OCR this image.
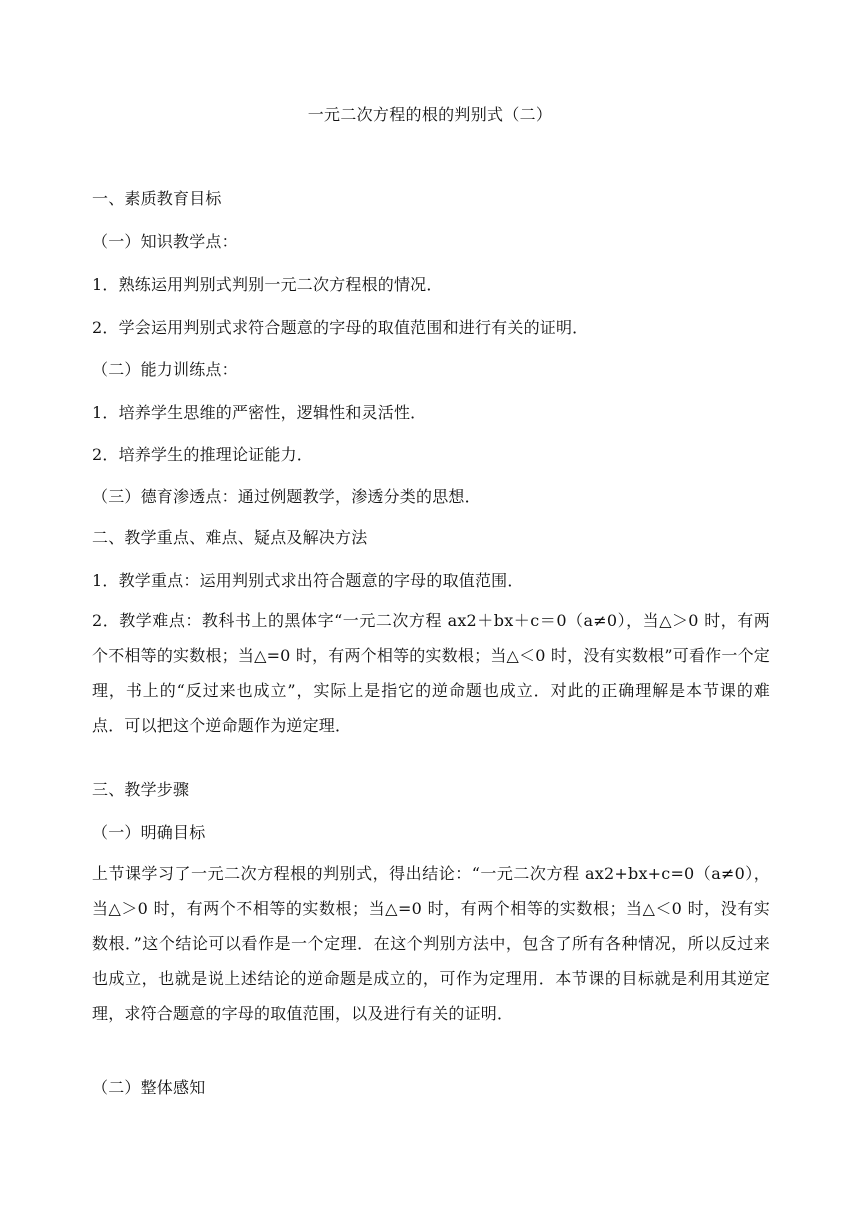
一元二次方程的根的判别式（二）
一、素质教育目标
（一）知识教学点：
1．熟练运用判别式判别一元二次方程根的情况．
2．学会运用判别式求符合题意的字母的取值范围和进行有关的证明．
（二）能力训练点：
1．培养学生思维的严密性，逻辑性和灵活性．
2．培养学生的推理论证能力．
（三）德育渗透点：通过例题教学，渗透分类的思想．
二、教学重点、难点、疑点及解决方法
1．教学重点：运用判别式求出符合题意的字母的取值范围．
2．教学难点：教科书上的黑体字“一元二次方程 ax2＋bx＋c＝0（a≠0），当△＞0 时，有两个不相等的实数根；当△=0 时，有两个相等的实数根；当△＜0 时，没有实数根”可看作一个定理，书上的“反过来也成立”，实际上是指它的逆命题也成立．对此的正确理解是本节课的难点．可以把这个逆命题作为逆定理．
三、教学步骤
（一）明确目标
上节课学习了一元二次方程根的判别式，得出结论：“一元二次方程 ax2+bx+c=0（a≠0），当△＞0 时，有两个不相等的实数根；当△=0 时，有两个相等的实数根；当△＜0 时，没有实数根．”这个结论可以看作是一个定理．在这个判别方法中，包含了所有各种情况，所以反过来也成立，也就是说上述结论的逆命题是成立的，可作为定理用．本节课的目标就是利用其逆定理，求符合题意的字母的取值范围，以及进行有关的证明．
（二）整体感知
